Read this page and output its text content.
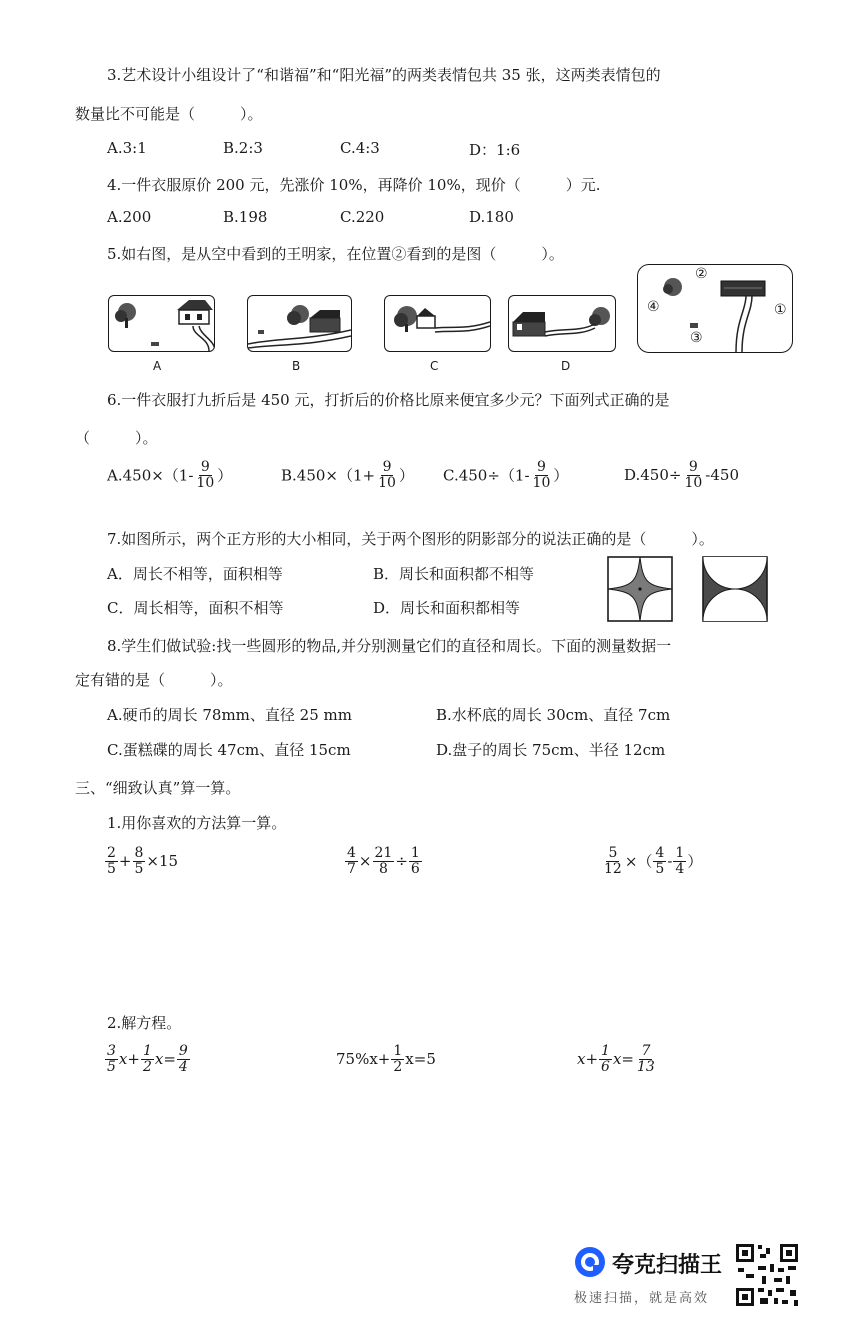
3.艺术设计小组设计了“和谐福”和“阳光福”的两类表情包共 35 张，这两类表情包的
数量比不可能是（　　　）。
A.3:1	B.2:3	C.4:3	D：1:6
4.一件衣服原价 200 元，先涨价 10%，再降价 10%，现价（　　　）元.
A.200	B.198	C.220	D.180
5.如右图，是从空中看到的王明家，在位置②看到的是图（　　　）。
A	B	C	D
②
①
③
④
6.一件衣服打九折后是 450 元，打折后的价格比原来便宜多少元？下面列式正确的是
（　　　）。
$A.450\times(1- \frac{9}{10}$ ）	$B.450\times(1+ \frac{9}{10}$ ） $C.450\div(1- \frac{9}{10}$ ）	$D.450\div \frac{9}{10} -450$
7.如图所示，两个正方形的大小相同，关于两个图形的阴影部分的说法正确的是（　　　）。
A．周长不相等，面积相等	B．周长和面积都不相等
C．周长相等，面积不相等	D．周长和面积都相等
8.学生们做试验:找一些圆形的物品,并分别测量它们的直径和周长。下面的测量数据一
定有错的是（　　　）。
A.硬币的周长 78mm、直径 25 mm	B.水杯底的周长 30cm、直径 7cm
C.蛋糕碟的周长 47cm、直径 15cm	D.盘子的周长 75cm、半径 12cm
三、“细致认真”算一算。
1.用你喜欢的方法算一算。
$\frac{2}{5} + \frac{8}{5} \times 15$	$\frac{4}{7} \times \frac{21}{8} \div \frac{1}{6}$	$\frac{5}{12}$ ×（ $\frac{4}{5} - \frac{1}{4}$ ）
2.解方程。
$\frac{3}{5} x+ \frac{1}{2} x= \frac{9}{4}$	$75\%x+ \frac{1}{2} x=5$	$x+ \frac{1}{6} x= \frac{7}{13}$
夸克扫描王
极速扫描，就是高效
